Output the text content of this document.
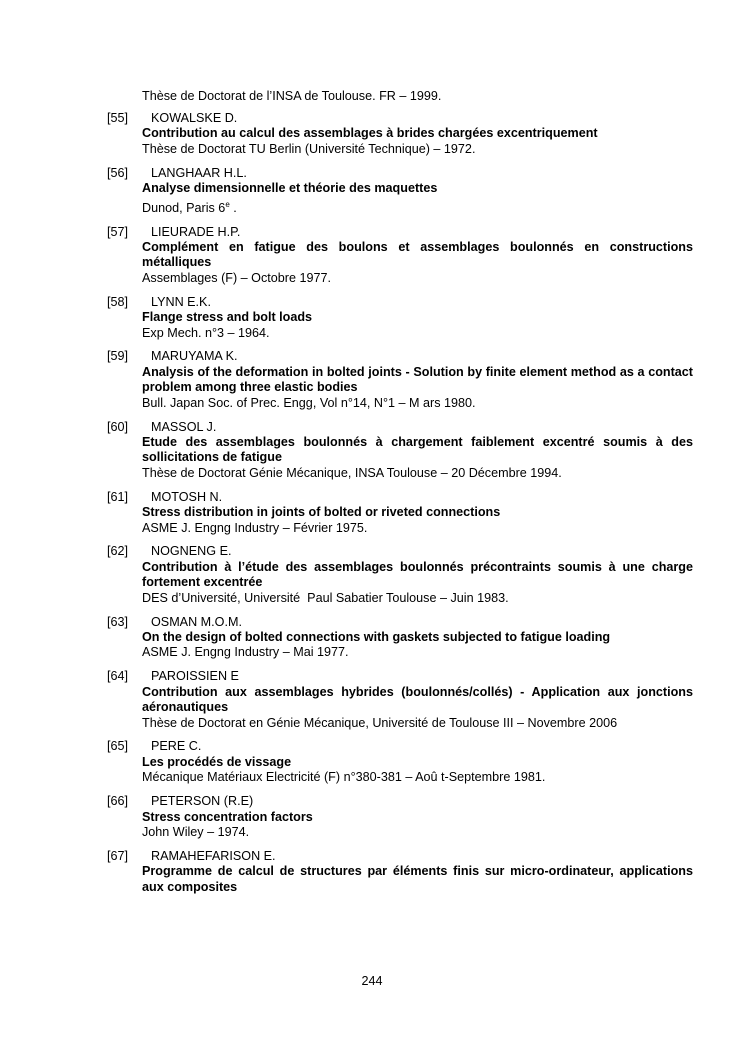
Thèse de Doctorat de l’INSA de Toulouse. FR – 1999.
[55]	KOWALSKE D.
Contribution au calcul des assemblages à brides chargées excentriquement
Thèse de Doctorat TU Berlin (Université Technique) – 1972.
[56]	LANGHAAR H.L.
Analyse dimensionnelle et théorie des maquettes
Dunod, Paris 6e .
[57]	LIEURADE H.P.
Complément en fatigue des boulons et assemblages boulonnés en constructions métalliques
Assemblages (F) – Octobre 1977.
[58]	LYNN E.K.
Flange stress and bolt loads
Exp Mech. n°3 – 1964.
[59]	MARUYAMA K.
Analysis of the deformation in bolted joints - Solution by finite element method as a contact problem among three elastic bodies
Bull. Japan Soc. of Prec. Engg, Vol n°14, N°1 – M ars 1980.
[60]	MASSOL J.
Etude des assemblages boulonnés à chargement faiblement excentré soumis à des sollicitations de fatigue
Thèse de Doctorat Génie Mécanique, INSA Toulouse – 20 Décembre 1994.
[61]	MOTOSH N.
Stress distribution in joints of bolted or riveted connections
ASME J. Engng Industry – Février 1975.
[62]	NOGNENG E.
Contribution à l’étude des assemblages boulonnés précontraints soumis à une charge fortement excentrée
DES d’Université, Université  Paul Sabatier Toulouse – Juin 1983.
[63]	OSMAN M.O.M.
On the design of bolted connections with gaskets subjected to fatigue loading
ASME J. Engng Industry – Mai 1977.
[64]	PAROISSIEN E
Contribution aux assemblages hybrides (boulonnés/collés) - Application aux jonctions aéronautiques
Thèse de Doctorat en Génie Mécanique, Université de Toulouse III – Novembre 2006
[65]	PERE C.
Les procédés de vissage
Mécanique Matériaux Electricité (F) n°380-381 – Aoû t-Septembre 1981.
[66]	PETERSON (R.E)
Stress concentration factors
John Wiley – 1974.
[67]	RAMAHEFARISON E.
Programme de calcul de structures par éléments finis sur micro-ordinateur, applications aux composites
244
